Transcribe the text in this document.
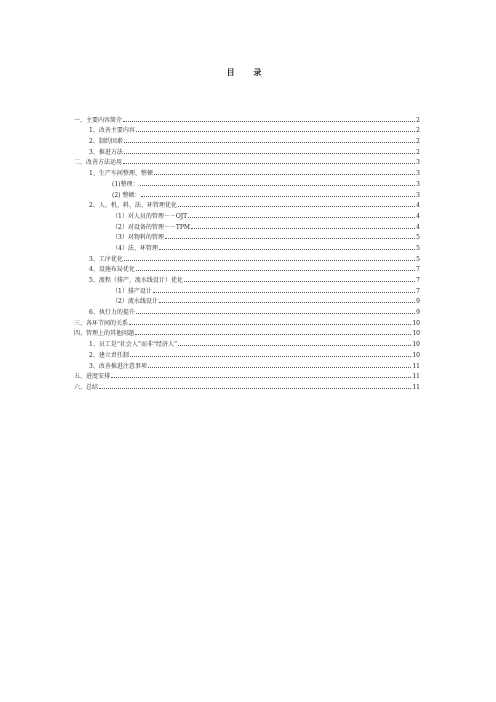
目 录
一、主要内容简介	2
1、改善主要内容	2
2、制约因素	2
3、推进方法	2
二、改善方法运用	3
1、生产车间整理、整顿	3
(1)整理：	3
(2) 整顿：	3
2、人、机、料、法、环管理优化	4
（1）对人员的管理－－OJT	4
（2）对设备的管理－－TPM	4
（3）对物料的管理	5
（4）法、环管理	5
3、工序优化	5
4、设施布局优化	7
5、流程（排产、流水线设计）优化	7
（1）排产设计	7
（2）流水线设计	9
6、执行力的提升	9
三、各环节间的关系	10
四、管理上的其他问题	10
1、员工是“社会人”而非“经济人”	10
2、建立责任制	10
3、改善推进注意事项	11
五、进度安排	11
六、总结	11
